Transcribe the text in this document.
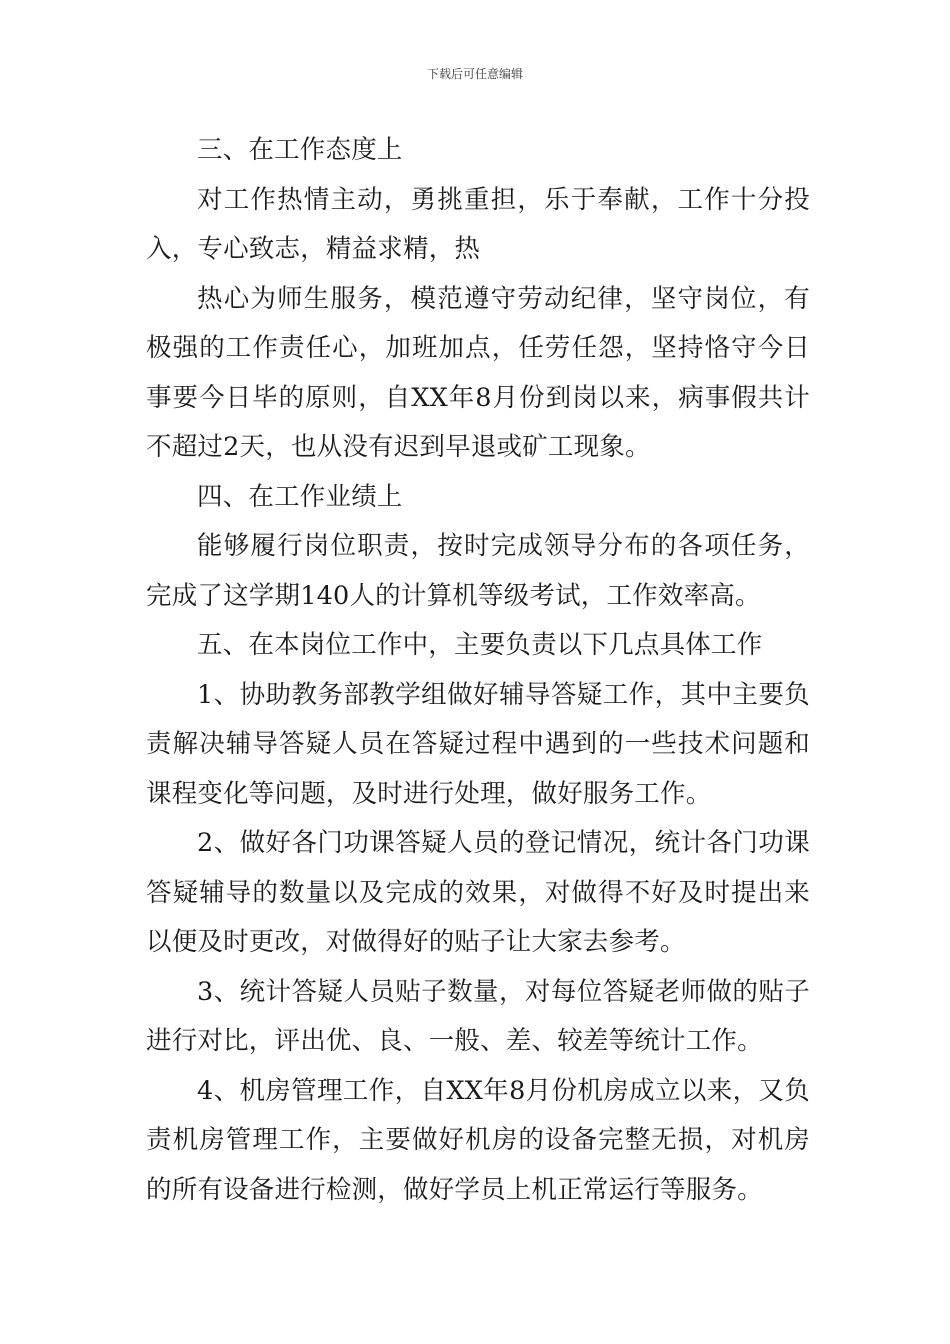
下载后可任意编辑

三、在工作态度上

对工作热情主动，勇挑重担，乐于奉献，工作十分投入，专心致志，精益求精，热

热心为师生服务，模范遵守劳动纪律，坚守岗位，有极强的工作责任心，加班加点，任劳任怨，坚持恪守今日事要今日毕的原则，自XX年8月份到岗以来，病事假共计不超过2天，也从没有迟到早退或矿工现象。

四、在工作业绩上

能够履行岗位职责，按时完成领导分布的各项任务，完成了这学期140人的计算机等级考试，工作效率高。

五、在本岗位工作中，主要负责以下几点具体工作

1、协助教务部教学组做好辅导答疑工作，其中主要负责解决辅导答疑人员在答疑过程中遇到的一些技术问题和课程变化等问题，及时进行处理，做好服务工作。

2、做好各门功课答疑人员的登记情况，统计各门功课答疑辅导的数量以及完成的效果，对做得不好及时提出来以便及时更改，对做得好的贴子让大家去参考。

3、统计答疑人员贴子数量，对每位答疑老师做的贴子进行对比，评出优、良、一般、差、较差等统计工作。

4、机房管理工作，自XX年8月份机房成立以来，又负责机房管理工作，主要做好机房的设备完整无损，对机房的所有设备进行检测，做好学员上机正常运行等服务。
